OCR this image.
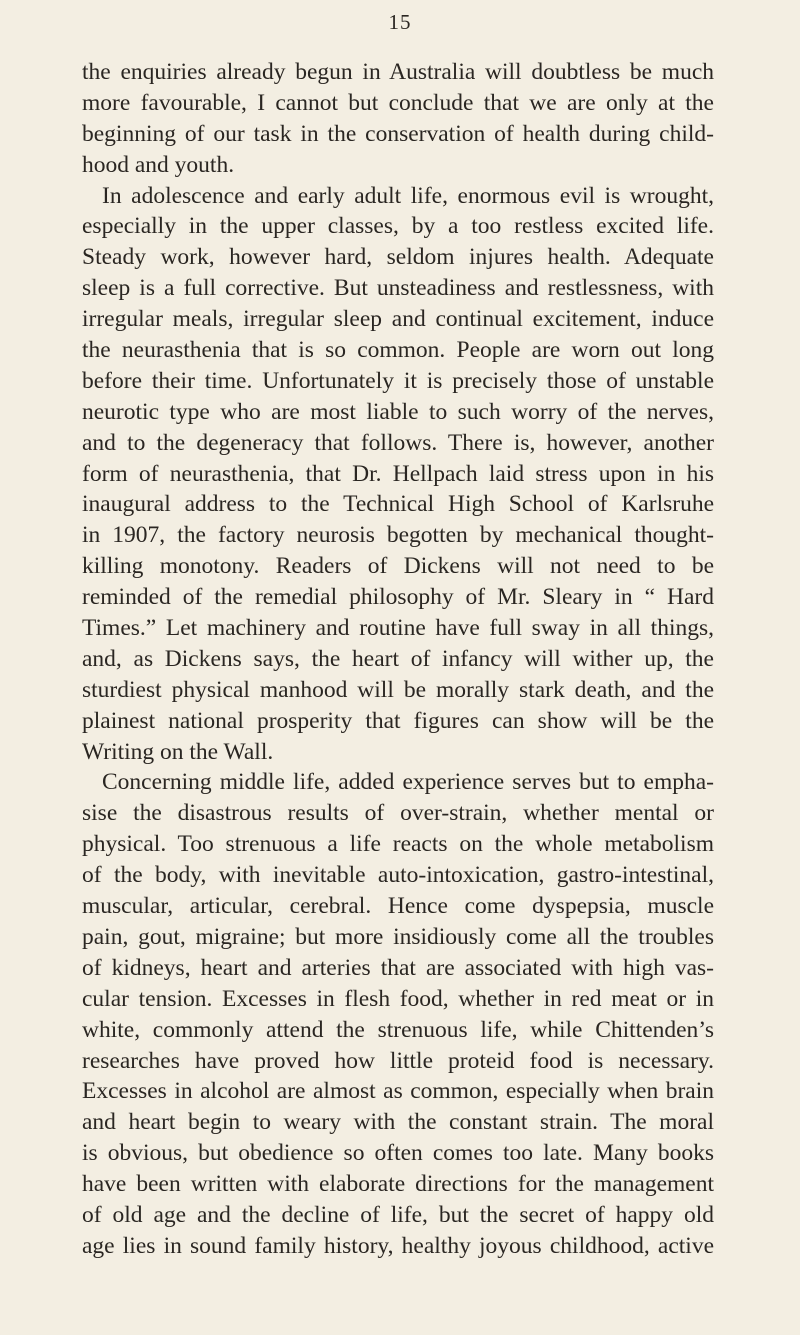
15
the enquiries already begun in Australia will doubtless be much
more favourable, I cannot but conclude that we are only at the
beginning of our task in the conservation of health during child-
hood and youth.
In adolescence and early adult life, enormous evil is wrought,
especially in the upper classes, by a too restless excited life.
Steady work, however hard, seldom injures health. Adequate
sleep is a full corrective. But unsteadiness and restlessness, with
irregular meals, irregular sleep and continual excitement, induce
the neurasthenia that is so common. People are worn out long
before their time. Unfortunately it is precisely those of unstable
neurotic type who are most liable to such worry of the nerves,
and to the degeneracy that follows. There is, however, another
form of neurasthenia, that Dr. Hellpach laid stress upon in his
inaugural address to the Technical High School of Karlsruhe
in 1907, the factory neurosis begotten by mechanical thought-
killing monotony. Readers of Dickens will not need to be
reminded of the remedial philosophy of Mr. Sleary in “ Hard
Times.” Let machinery and routine have full sway in all things,
and, as Dickens says, the heart of infancy will wither up, the
sturdiest physical manhood will be morally stark death, and the
plainest national prosperity that figures can show will be the
Writing on the Wall.
Concerning middle life, added experience serves but to empha-
sise the disastrous results of over-strain, whether mental or
physical. Too strenuous a life reacts on the whole metabolism
of the body, with inevitable auto-intoxication, gastro-intestinal,
muscular, articular, cerebral. Hence come dyspepsia, muscle
pain, gout, migraine; but more insidiously come all the troubles
of kidneys, heart and arteries that are associated with high vas-
cular tension. Excesses in flesh food, whether in red meat or in
white, commonly attend the strenuous life, while Chittenden’s
researches have proved how little proteid food is necessary.
Excesses in alcohol are almost as common, especially when brain
and heart begin to weary with the constant strain. The moral
is obvious, but obedience so often comes too late. Many books
have been written with elaborate directions for the management
of old age and the decline of life, but the secret of happy old
age lies in sound family history, healthy joyous childhood, active
